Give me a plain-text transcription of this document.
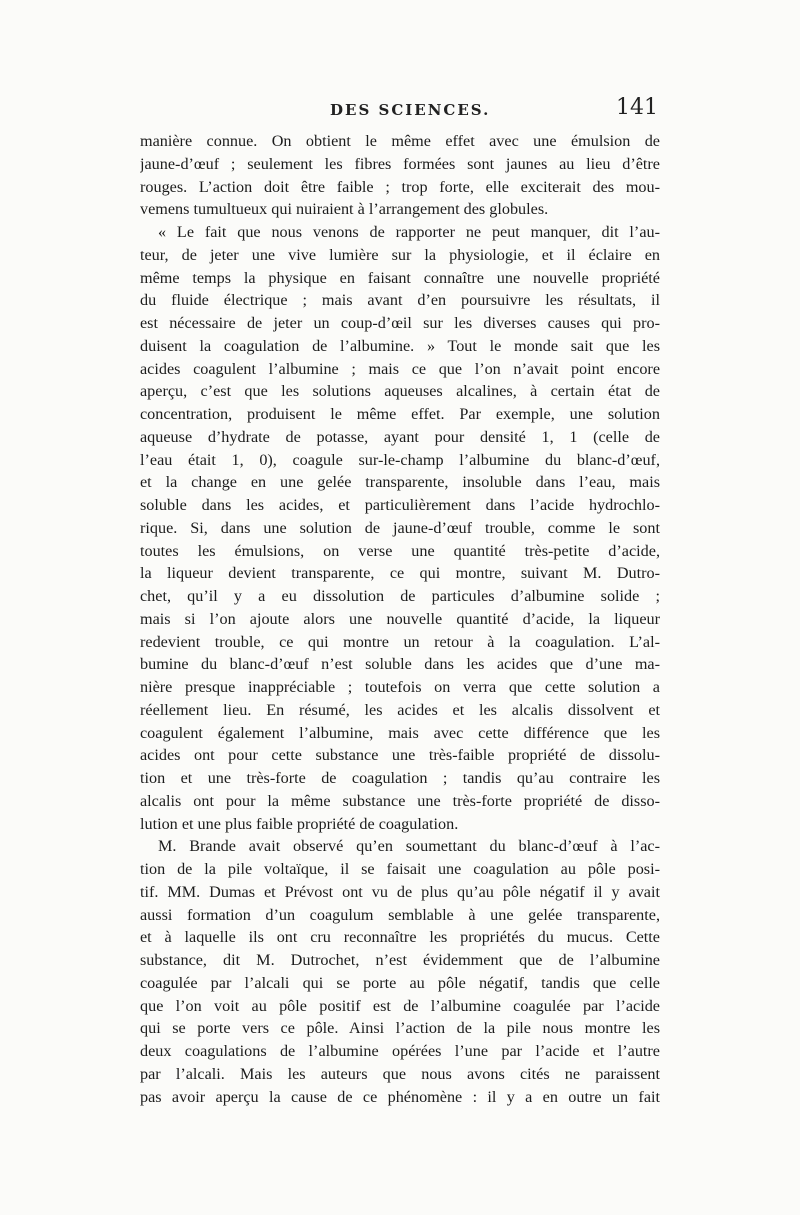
DES SCIENCES.	141
manière connue. On obtient le même effet avec une émulsion de
jaune-d’œuf ; seulement les fibres formées sont jaunes au lieu d’être
rouges. L’action doit être faible ; trop forte, elle exciterait des mou-
vemens tumultueux qui nuiraient à l’arrangement des globules.
« Le fait que nous venons de rapporter ne peut manquer, dit l’au-
teur, de jeter une vive lumière sur la physiologie, et il éclaire en
même temps la physique en faisant connaître une nouvelle propriété
du fluide électrique ; mais avant d’en poursuivre les résultats, il
est nécessaire de jeter un coup-d’œil sur les diverses causes qui pro-
duisent la coagulation de l’albumine. » Tout le monde sait que les
acides coagulent l’albumine ; mais ce que l’on n’avait point encore
aperçu, c’est que les solutions aqueuses alcalines, à certain état de
concentration, produisent le même effet. Par exemple, une solution
aqueuse d’hydrate de potasse, ayant pour densité 1, 1 (celle de
l’eau était 1, 0), coagule sur-le-champ l’albumine du blanc-d’œuf,
et la change en une gelée transparente, insoluble dans l’eau, mais
soluble dans les acides, et particulièrement dans l’acide hydrochlo-
rique. Si, dans une solution de jaune-d’œuf trouble, comme le sont
toutes les émulsions, on verse une quantité très-petite d’acide,
la liqueur devient transparente, ce qui montre, suivant M. Dutro-
chet, qu’il y a eu dissolution de particules d’albumine solide ;
mais si l’on ajoute alors une nouvelle quantité d’acide, la liqueur
redevient trouble, ce qui montre un retour à la coagulation. L’al-
bumine du blanc-d’œuf n’est soluble dans les acides que d’une ma-
nière presque inappréciable ; toutefois on verra que cette solution a
réellement lieu. En résumé, les acides et les alcalis dissolvent et
coagulent également l’albumine, mais avec cette différence que les
acides ont pour cette substance une très-faible propriété de dissolu-
tion et une très-forte de coagulation ; tandis qu’au contraire les
alcalis ont pour la même substance une très-forte propriété de disso-
lution et une plus faible propriété de coagulation.
M. Brande avait observé qu’en soumettant du blanc-d’œuf à l’ac-
tion de la pile voltaïque, il se faisait une coagulation au pôle posi-
tif. MM. Dumas et Prévost ont vu de plus qu’au pôle négatif il y avait
aussi formation d’un coagulum semblable à une gelée transparente,
et à laquelle ils ont cru reconnaître les propriétés du mucus. Cette
substance, dit M. Dutrochet, n’est évidemment que de l’albumine
coagulée par l’alcali qui se porte au pôle négatif, tandis que celle
que l’on voit au pôle positif est de l’albumine coagulée par l’acide
qui se porte vers ce pôle. Ainsi l’action de la pile nous montre les
deux coagulations de l’albumine opérées l’une par l’acide et l’autre
par l’alcali. Mais les auteurs que nous avons cités ne paraissent
pas avoir aperçu la cause de ce phénomène : il y a en outre un fait
